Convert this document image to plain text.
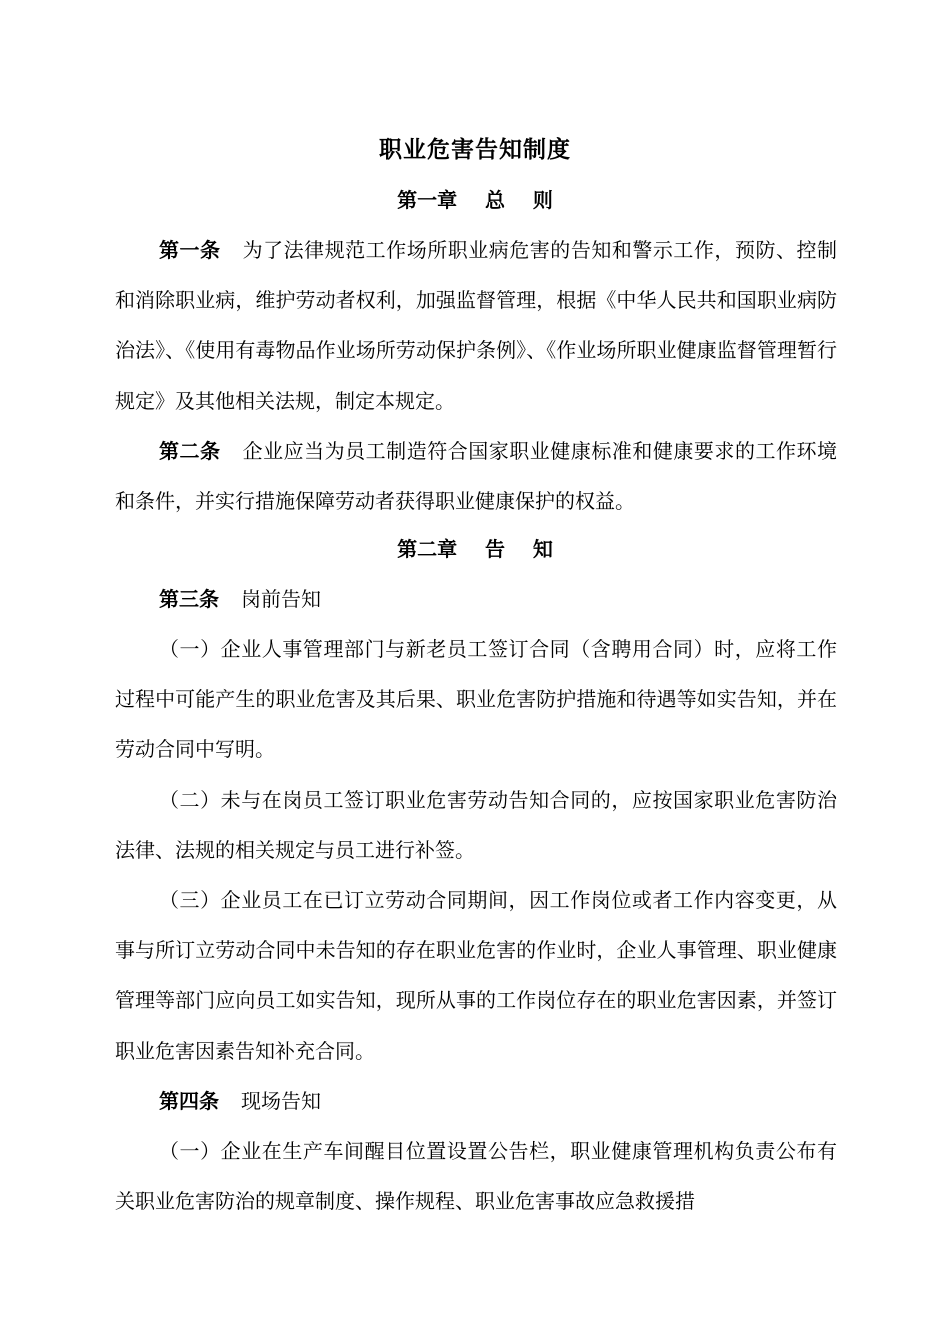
职业危害告知制度
第一章    总    则

第一条 为了法律规范工作场所职业病危害的告知和警示工作，预防、控制和消除职业病，维护劳动者权利，加强监督管理，根据《中华人民共和国职业病防治法》、《使用有毒物品作业场所劳动保护条例》、《作业场所职业健康监督管理暂行规定》及其他相关法规，制定本规定。

第二条 企业应当为员工制造符合国家职业健康标准和健康要求的工作环境和条件，并实行措施保障劳动者获得职业健康保护的权益。

第二章    告    知

第三条 岗前告知

（一）企业人事管理部门与新老员工签订合同（含聘用合同）时，应将工作过程中可能产生的职业危害及其后果、职业危害防护措施和待遇等如实告知，并在劳动合同中写明。

（二）未与在岗员工签订职业危害劳动告知合同的，应按国家职业危害防治法律、法规的相关规定与员工进行补签。

（三）企业员工在已订立劳动合同期间，因工作岗位或者工作内容变更，从事与所订立劳动合同中未告知的存在职业危害的作业时，企业人事管理、职业健康管理等部门应向员工如实告知，现所从事的工作岗位存在的职业危害因素，并签订职业危害因素告知补充合同。

第四条 现场告知

（一）企业在生产车间醒目位置设置公告栏，职业健康管理机构负责公布有关职业危害防治的规章制度、操作规程、职业危害事故应急救援措
